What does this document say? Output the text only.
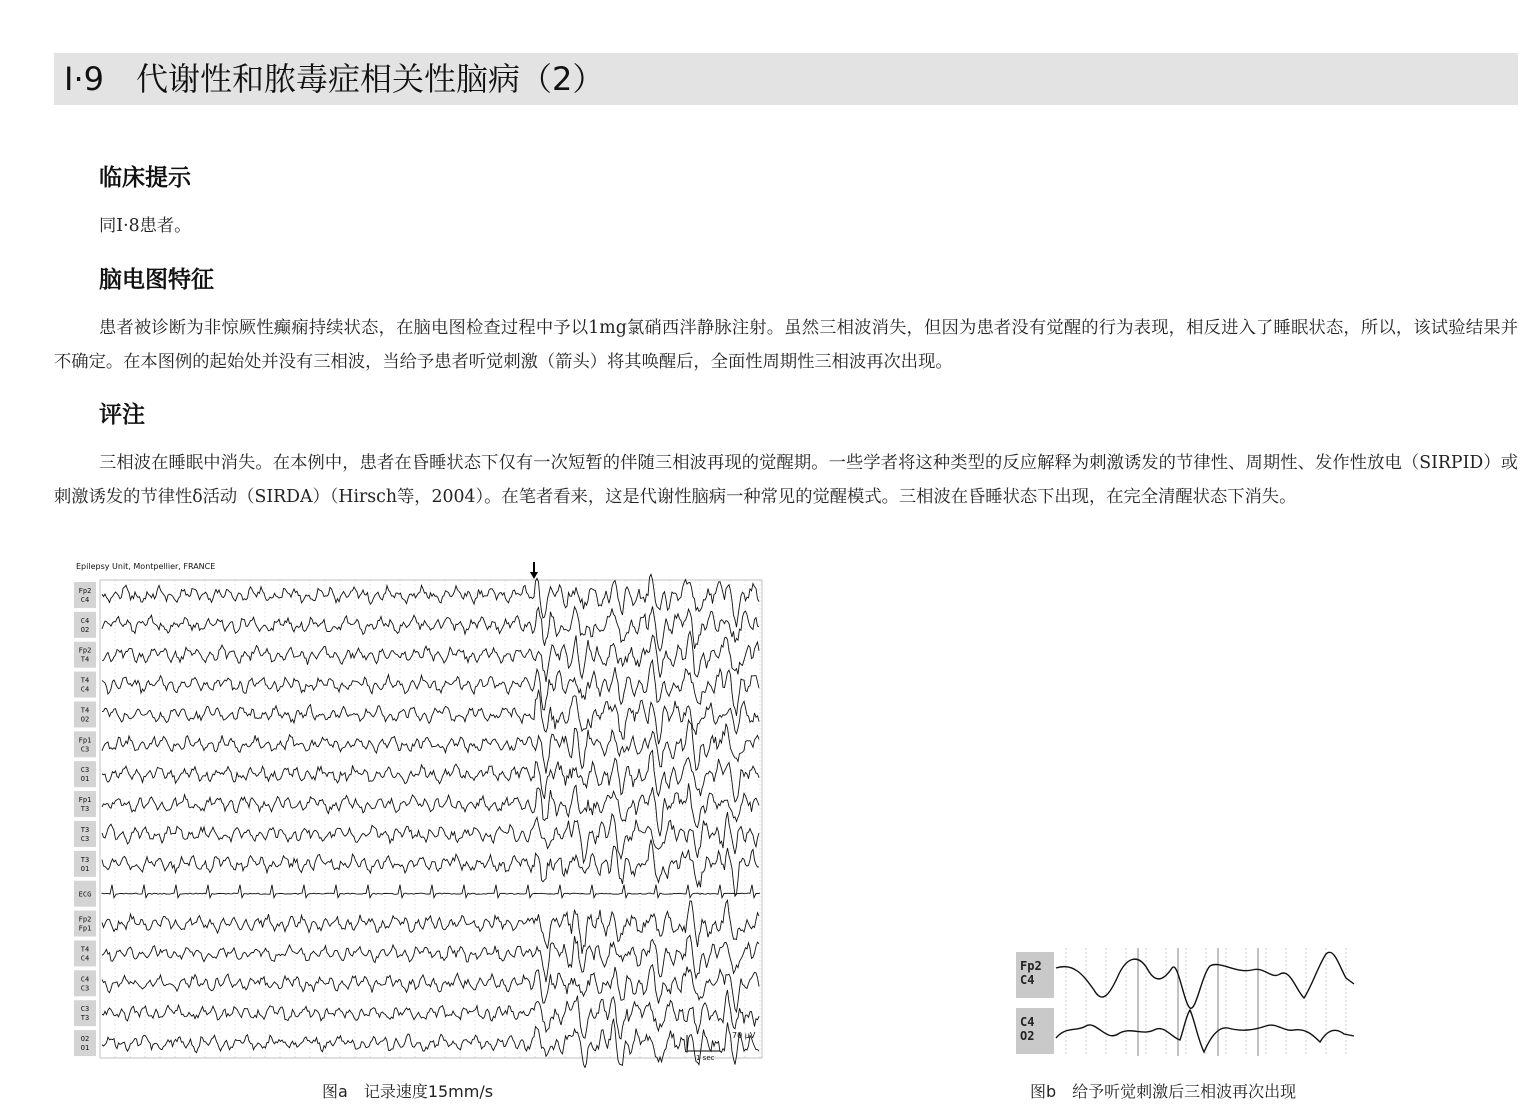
Ⅰ·9　代谢性和脓毒症相关性脑病（2）
临床提示
同Ⅰ·8患者。
脑电图特征
患者被诊断为非惊厥性癫痫持续状态，在脑电图检查过程中予以1mg氯硝西泮静脉注射。虽然三相波消失，但因为患者没有觉醒的行为表现，相反进入了睡眠状态，所以，该试验结果并不确定。在本图例的起始处并没有三相波，当给予患者听觉刺激（箭头）将其唤醒后，全面性周期性三相波再次出现。
评注
三相波在睡眠中消失。在本例中，患者在昏睡状态下仅有一次短暂的伴随三相波再现的觉醒期。一些学者将这种类型的反应解释为刺激诱发的节律性、周期性、发作性放电（SIRPID）或刺激诱发的节律性δ活动（SIRDA）（Hirsch等，2004）。在笔者看来，这是代谢性脑病一种常见的觉醒模式。三相波在昏睡状态下出现，在完全清醒状态下消失。
Epilepsy Unit, Montpellier, FRANCE
Fp2
C4
C4
O2
Fp2
T4
T4
C4
T4
O2
Fp1
C3
C3
O1
Fp1
T3
T3
C3
T3
O1
ECG
Fp2
Fp1
T4
C4
C4
C3
C3
T3
O2
O1
70 μV
1 sec
图a 记录速度15mm/s
Fp2
C4
C4
O2
图b 给予听觉刺激后三相波再次出现
